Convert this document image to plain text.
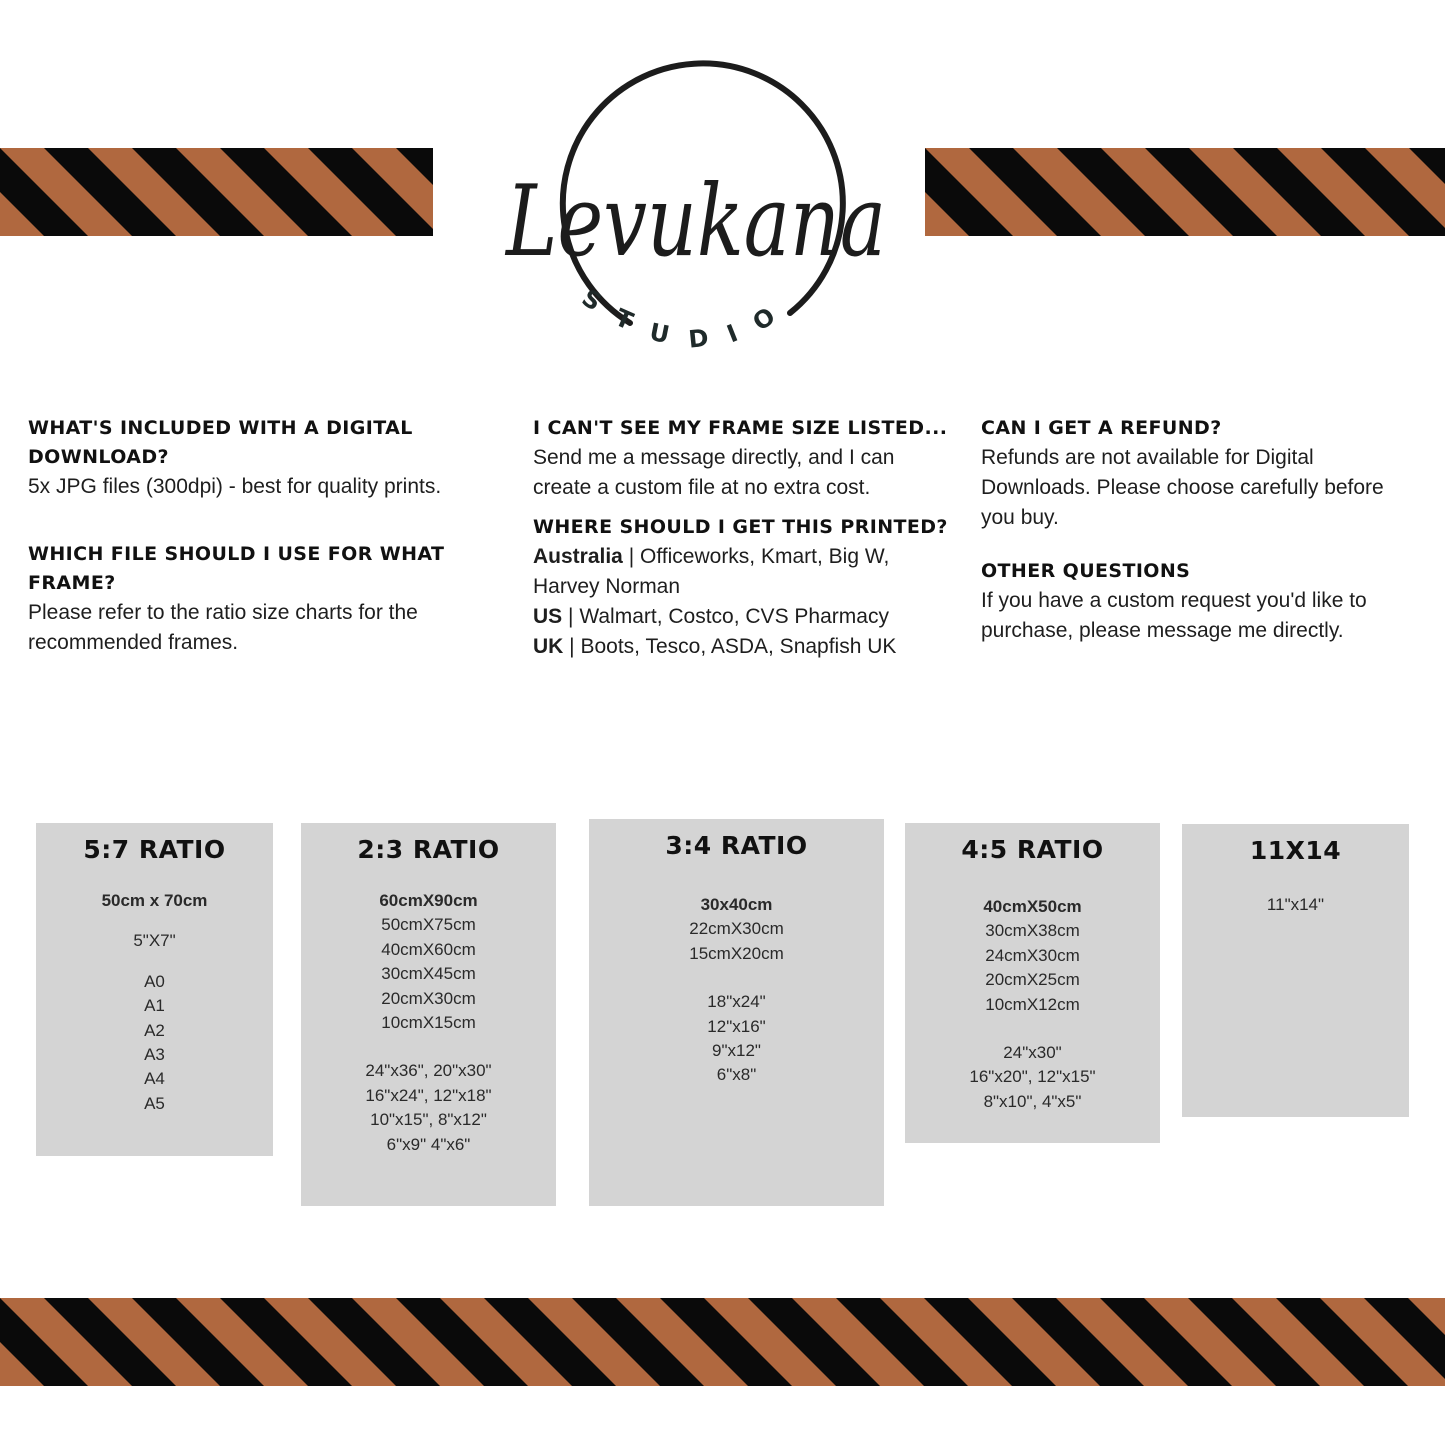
Levukana
STUDIO
WHAT'S INCLUDED WITH A DIGITAL DOWNLOAD?
5x JPG files (300dpi) - best for quality prints.
WHICH FILE SHOULD I USE FOR WHAT FRAME?
Please refer to the ratio size charts for the recommended frames.
I CAN'T SEE MY FRAME SIZE LISTED...
Send me a message directly, and I can create a custom file at no extra cost.
WHERE SHOULD I GET THIS PRINTED?
Australia | Officeworks, Kmart, Big W, Harvey Norman
US | Walmart, Costco, CVS Pharmacy
UK | Boots, Tesco, ASDA, Snapfish UK
CAN I GET A REFUND?
Refunds are not available for Digital Downloads. Please choose carefully before you buy.
OTHER QUESTIONS
If you have a custom request you'd like to purchase, please message me directly.
5:7 RATIO
50cm x 70cm
5"X7"
A0
A1
A2
A3
A4
A5
2:3 RATIO
60cmX90cm
50cmX75cm
40cmX60cm
30cmX45cm
20cmX30cm
10cmX15cm
24"x36", 20"x30"
16"x24", 12"x18"
10"x15", 8"x12"
6"x9" 4"x6"
3:4 RATIO
30x40cm
22cmX30cm
15cmX20cm
18"x24"
12"x16"
9"x12"
6"x8"
4:5 RATIO
40cmX50cm
30cmX38cm
24cmX30cm
20cmX25cm
10cmX12cm
24"x30"
16"x20", 12"x15"
8"x10", 4"x5"
11X14
11"x14"
